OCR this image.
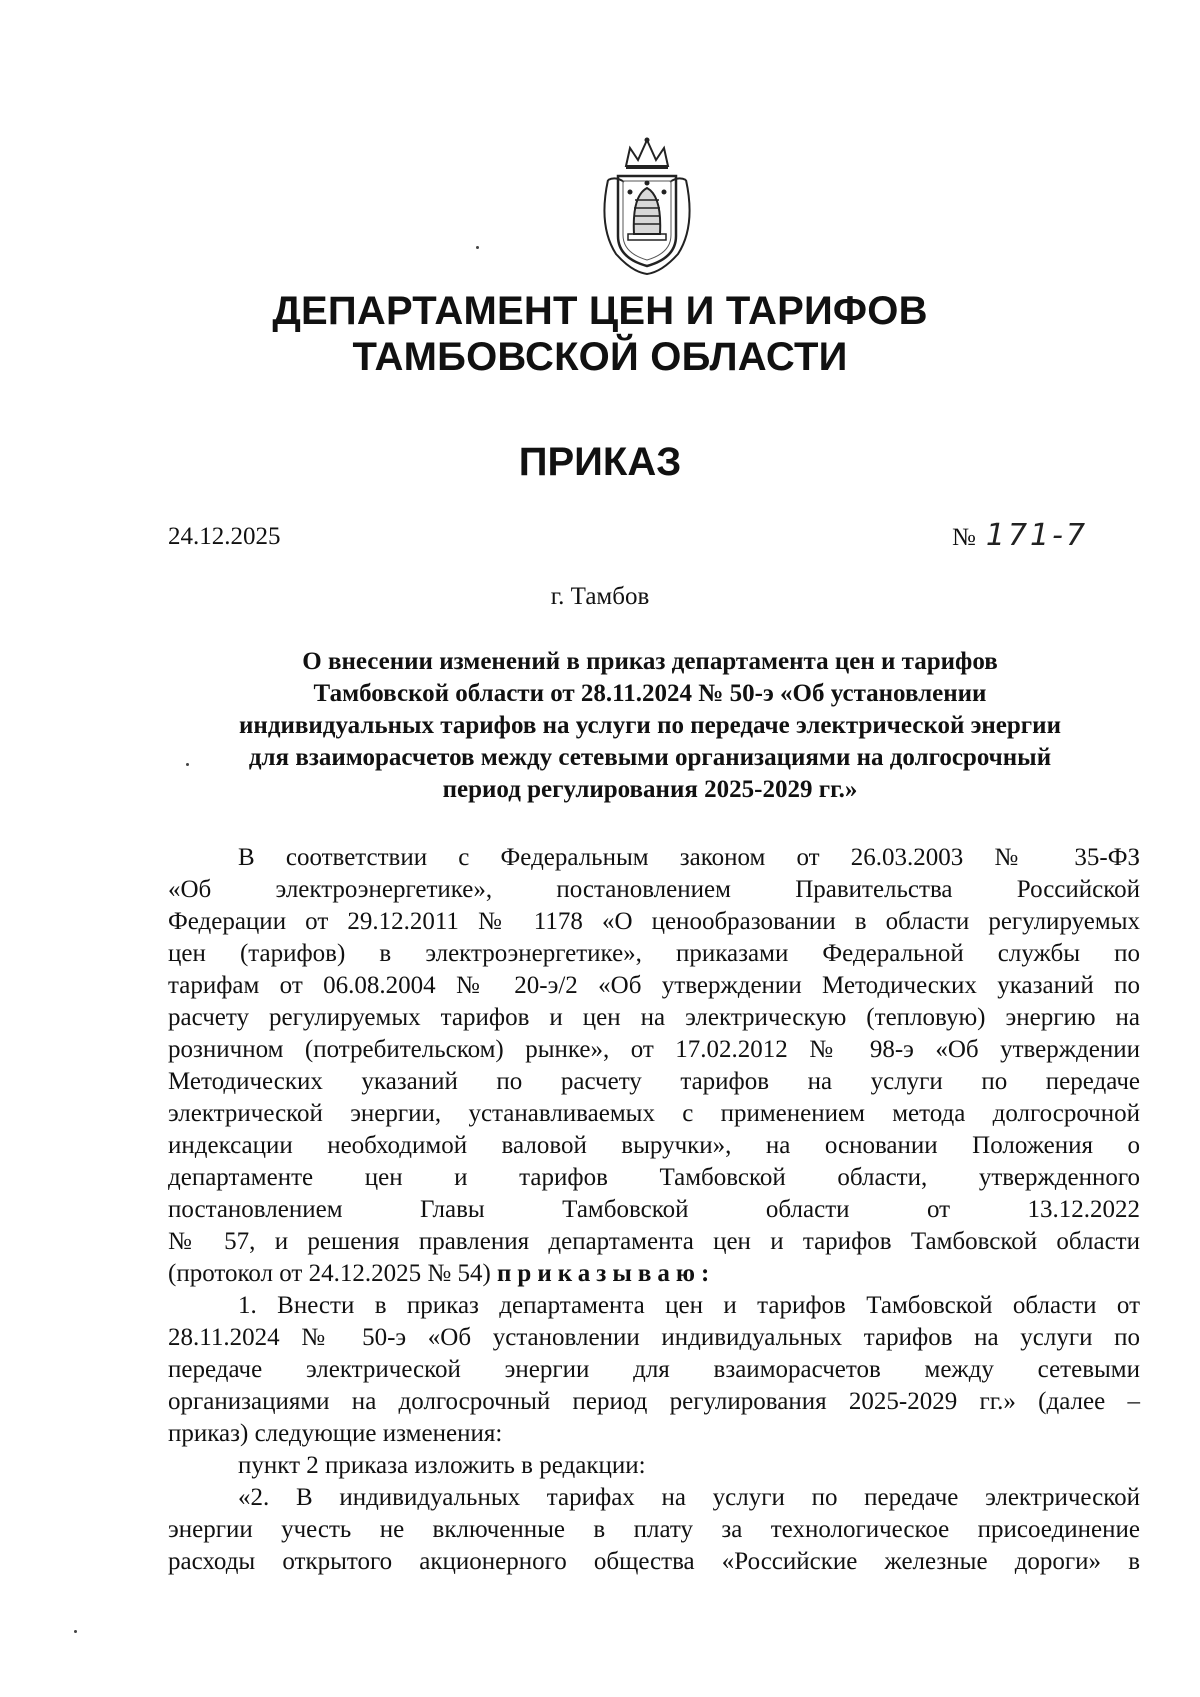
ДЕПАРТАМЕНТ ЦЕН И ТАРИФОВ
ТАМБОВСКОЙ ОБЛАСТИ
ПРИКАЗ
24.12.2025	№ 171-7
г. Тамбов
О внесении изменений в приказ департамента цен и тарифов
Тамбовской области от 28.11.2024 № 50-э «Об установлении
индивидуальных тарифов на услуги по передаче электрической энергии
для взаиморасчетов между сетевыми организациями на долгосрочный
период регулирования 2025-2029 гг.»
В соответствии с Федеральным законом от 26.03.2003 № 35-ФЗ
«Об электроэнергетике», постановлением Правительства Российской
Федерации от 29.12.2011 № 1178 «О ценообразовании в области регулируемых
цен (тарифов) в электроэнергетике», приказами Федеральной службы по
тарифам от 06.08.2004 № 20-э/2 «Об утверждении Методических указаний по
расчету регулируемых тарифов и цен на электрическую (тепловую) энергию на
розничном (потребительском) рынке», от 17.02.2012 № 98-э «Об утверждении
Методических указаний по расчету тарифов на услуги по передаче
электрической энергии, устанавливаемых с применением метода долгосрочной
индексации необходимой валовой выручки», на основании Положения о
департаменте цен и тарифов Тамбовской области, утвержденного
постановлением Главы Тамбовской области от 13.12.2022
№ 57, и решения правления департамента цен и тарифов Тамбовской области
(протокол от 24.12.2025 № 54) приказываю:
1. Внести в приказ департамента цен и тарифов Тамбовской области от
28.11.2024 № 50-э «Об установлении индивидуальных тарифов на услуги по
передаче электрической энергии для взаиморасчетов между сетевыми
организациями на долгосрочный период регулирования 2025-2029 гг.» (далее –
приказ) следующие изменения:
пункт 2 приказа изложить в редакции:
«2. В индивидуальных тарифах на услуги по передаче электрической
энергии учесть не включенные в плату за технологическое присоединение
расходы открытого акционерного общества «Российские железные дороги» в
